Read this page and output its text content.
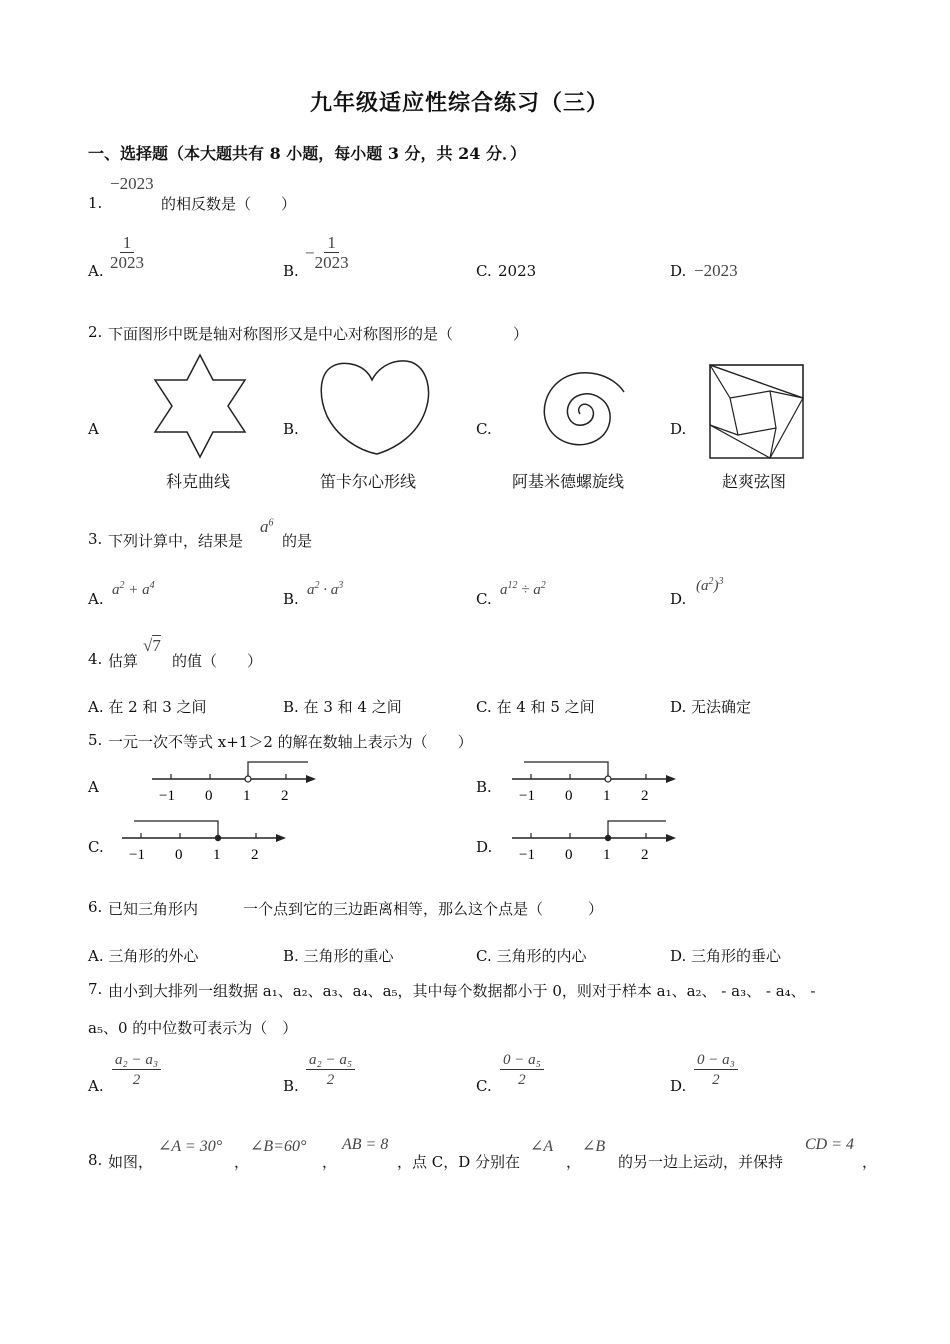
九年级适应性综合练习（三）
一、选择题（本大题共有 8 小题，每小题 3 分，共 24 分．）
1.
−2023
的相反数是（　　）
A. $\frac{1}{2023}$	B.
− $\frac{1}{2023}$	C. 2023	D. −2023
2. 下面图形中既是轴对称图形又是中心对称图形的是（　　　　）
A
科克曲线
B.
笛卡尔心形线
C.
阿基米德螺旋线
D.
赵爽弦图
3. 下列计算中，结果是
$a^6$
的是
A. $a^2 + a^4$
B. $a^2 \cdot a^3$
C. $a^{12} \div a^2$
D.
$(a^2)^3$
4. 估算
√7
的值（　　）
A. 在 2 和 3 之间	B. 在 3 和 4 之间	C. 在 4 和 5 之间	D. 无法确定
5. 一元一次不等式 x+1＞2 的解在数轴上表示为（　　）
A	−1 0 1 2	B. −1 0 1 2
C. −1 0 1 2	D. −1 0 1 2
6. 已知三角形内　　　一个点到它的三边距离相等，那么这个点是（　　　）
A. 三角形的外心	B. 三角形的重心	C. 三角形的内心	D. 三角形的垂心
7. 由小到大排列一组数据 a₁、a₂、a₃、a₄、a₅，其中每个数据都小于 0，则对于样本 a₁、a₂、 - a₃、 - a₄、 -
a₅、0 的中位数可表示为（　）
A. $\frac{\text{a₂ − a₃}}{2}$	B. $\frac{\text{a₂ − a₅}}{2}$	C. $\frac{\text{0 − a₅}}{2}$	D. $\frac{\text{0 − a₃}}{2}$
8. 如图，
∠A = 30°
，
∠B=60°
，
AB = 8
，点 C，D 分别在
∠A
，
∠B
的另一边上运动，并保持
CD = 4
，
